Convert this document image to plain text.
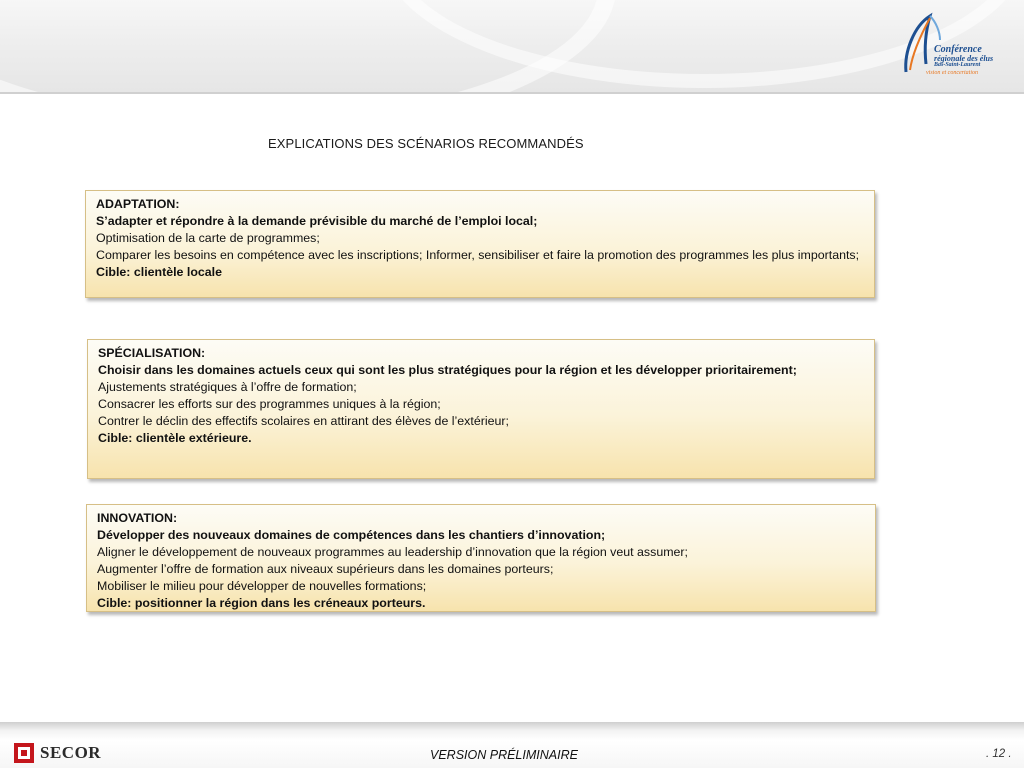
Conférence
régionale des élus
Bas-Saint-Laurent
vision et concertation
EXPLICATIONS DES SCÉNARIOS RECOMMANDÉS
ADAPTATION:
S’adapter et répondre à la demande prévisible du marché de l’emploi local;
Optimisation de la carte de programmes;
Comparer les besoins en compétence avec les inscriptions; Informer, sensibiliser et faire la promotion des programmes les plus importants;
Cible: clientèle locale
SPÉCIALISATION:
Choisir dans les domaines actuels ceux qui sont les plus stratégiques pour la région et les développer prioritairement;
Ajustements stratégiques à l’offre de formation;
Consacrer les efforts sur des programmes uniques à la région;
Contrer le déclin des effectifs scolaires en attirant des élèves de l’extérieur;
Cible: clientèle extérieure.
INNOVATION:
Développer des nouveaux domaines de compétences dans les chantiers d’innovation;
Aligner le développement de nouveaux programmes au leadership d’innovation que la région veut assumer;
Augmenter l’offre de formation aux niveaux supérieurs dans les domaines porteurs;
Mobiliser le milieu pour développer de nouvelles formations;
Cible: positionner la région dans les créneaux porteurs.
SECOR	VERSION PRÉLIMINAIRE	. 12 .
